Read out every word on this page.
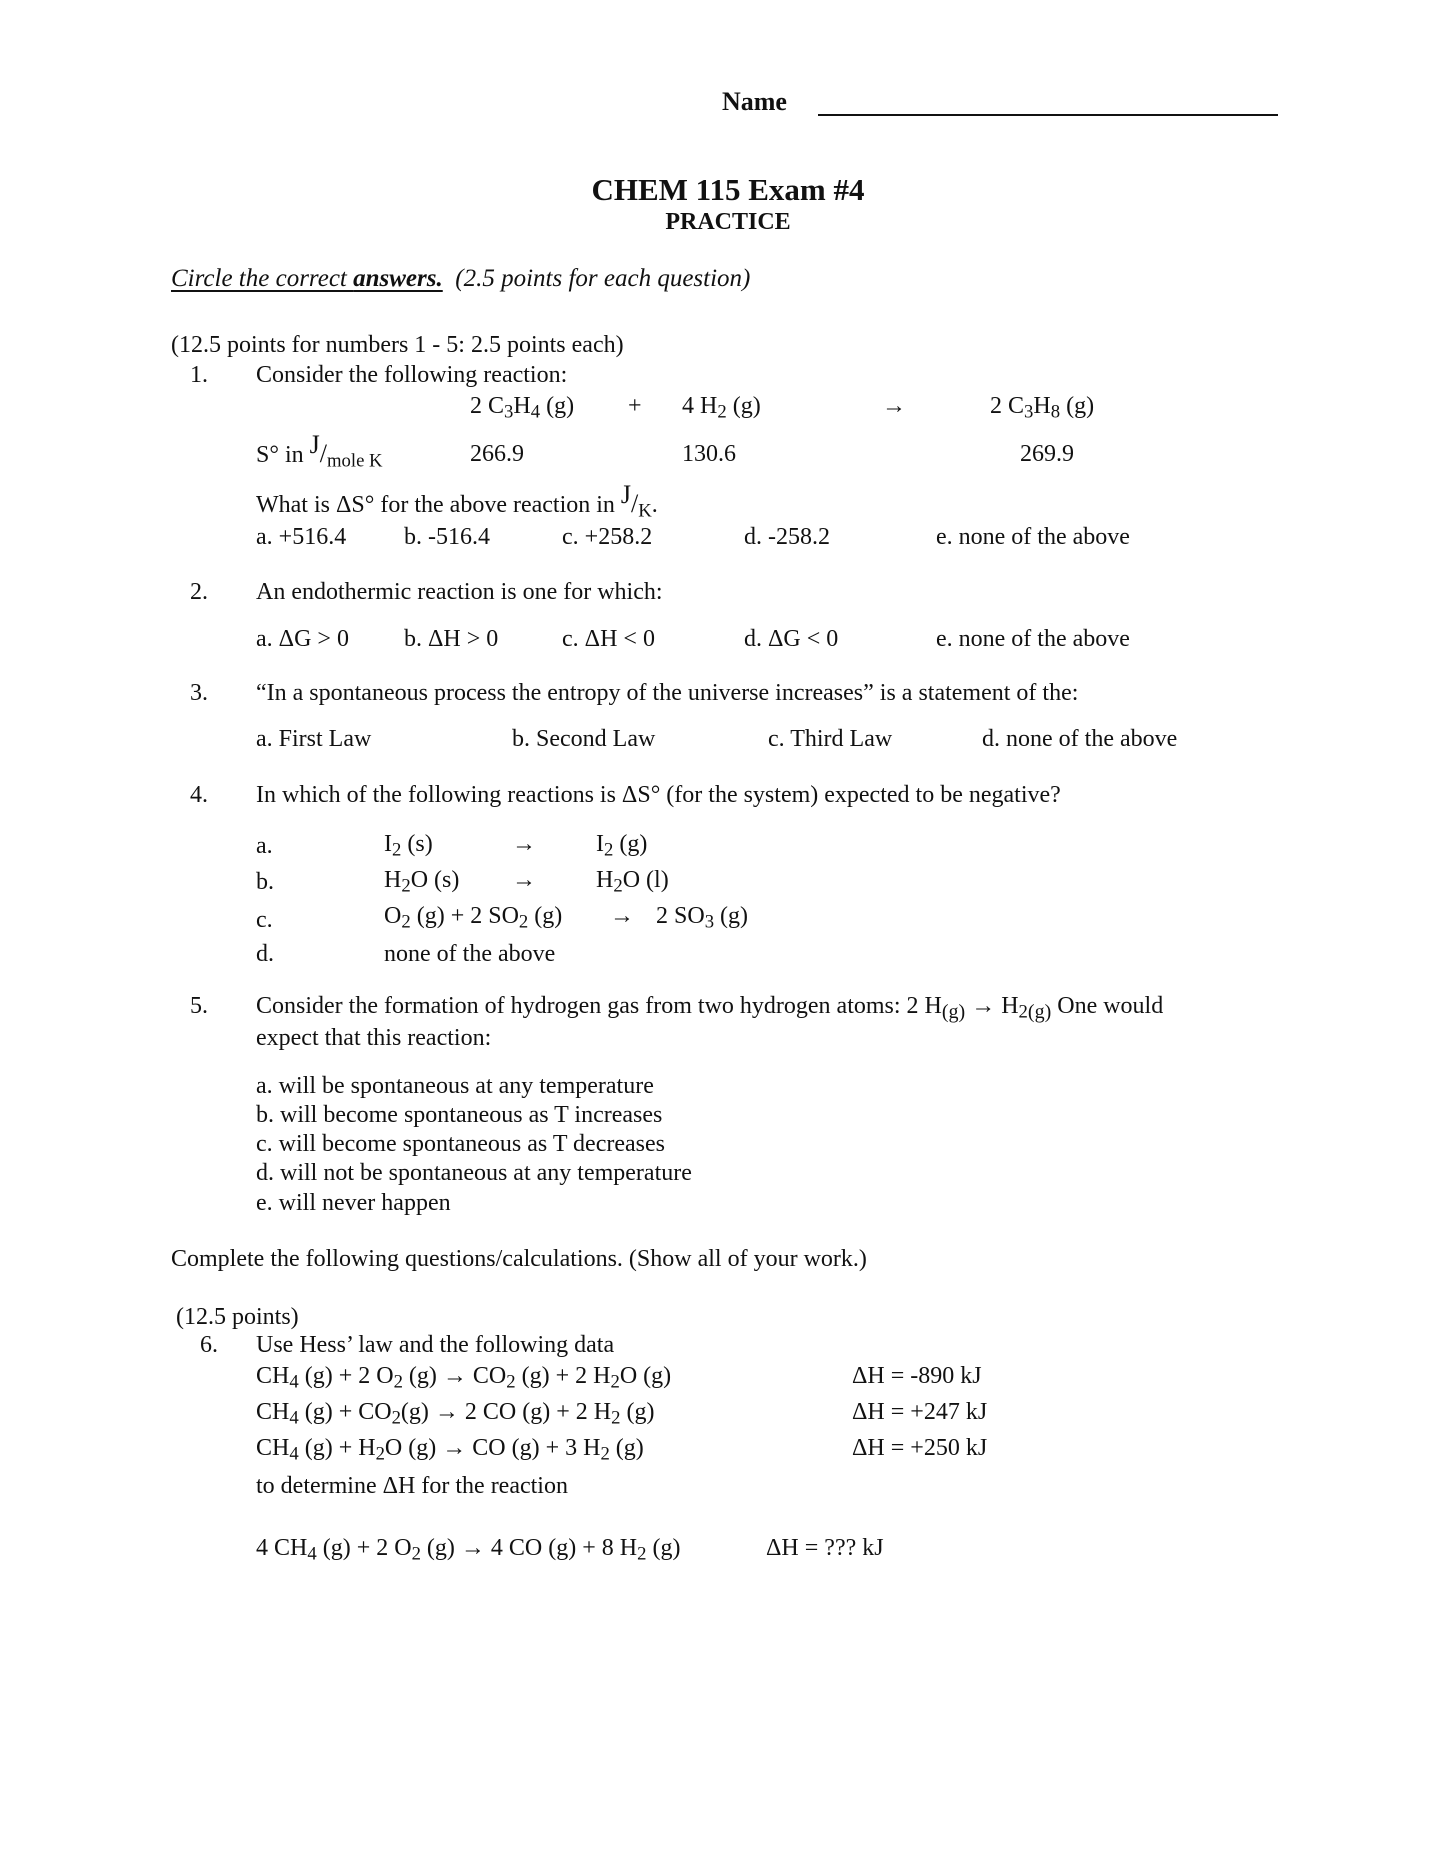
Name
CHEM 115 Exam #4
PRACTICE
Circle the correct answers. (2.5 points for each question)
(12.5 points for numbers 1 - 5: 2.5 points each)
1. Consider the following reaction:
2 $C_3H_4$ (g) + 4 $H_2$ (g)	→	2 $C_3H_8$ (g)
S° in $^J/_{mole K}$	266.9	130.6	269.9
What is ΔS° for the above reaction in $^J/_K$.
a. +516.4 b. -516.4	c. +258.2	d. -258.2	e. none of the above
2. An endothermic reaction is one for which:
a. ΔG > 0 b. ΔH > 0	c. ΔH < 0	d. ΔG < 0	e. none of the above
3. “In a spontaneous process the entropy of the universe increases” is a statement of the:
a. First Law	b. Second Law	c. Third Law	d. none of the above
4. In which of the following reactions is ΔS° (for the system) expected to be negative?
a.	$I_2$ (s)	→	$I_2$ (g)
b.	$H_2O$ (s) →	$H_2O$ (l)
c.	$O_2$ (g) + 2 $SO_2$ (g) → 2 $SO_3$ (g)
d.	none of the above
5. Consider the formation of hydrogen gas from two hydrogen atoms: 2 $H_{(g)} \to H_{2(g)}$ One would
expect that this reaction:
a. will be spontaneous at any temperature
b. will become spontaneous as T increases
c. will become spontaneous as T decreases
d. will not be spontaneous at any temperature
e. will never happen
Complete the following questions/calculations. (Show all of your work.)
(12.5 points)
6. Use Hess’ law and the following data
$CH_4$ (g) + 2 $O_2$ $(g) \to CO_2$ (g) + 2 $H_2O$ (g)	ΔH = -890 kJ
$CH_4$ $(g) + CO_2(g) \to 2$ CO (g) + 2 $H_2$ (g)	ΔH = +247 kJ
$CH_4$ $(g) + H_2O$ (g) → CO (g) + 3 $H_2$ (g)	ΔH = +250 kJ
to determine ΔH for the reaction
4 $CH_4$ (g) + 2 $O_2$ (g) → 4 CO (g) + 8 $H_2$ (g)	ΔH = ??? kJ
